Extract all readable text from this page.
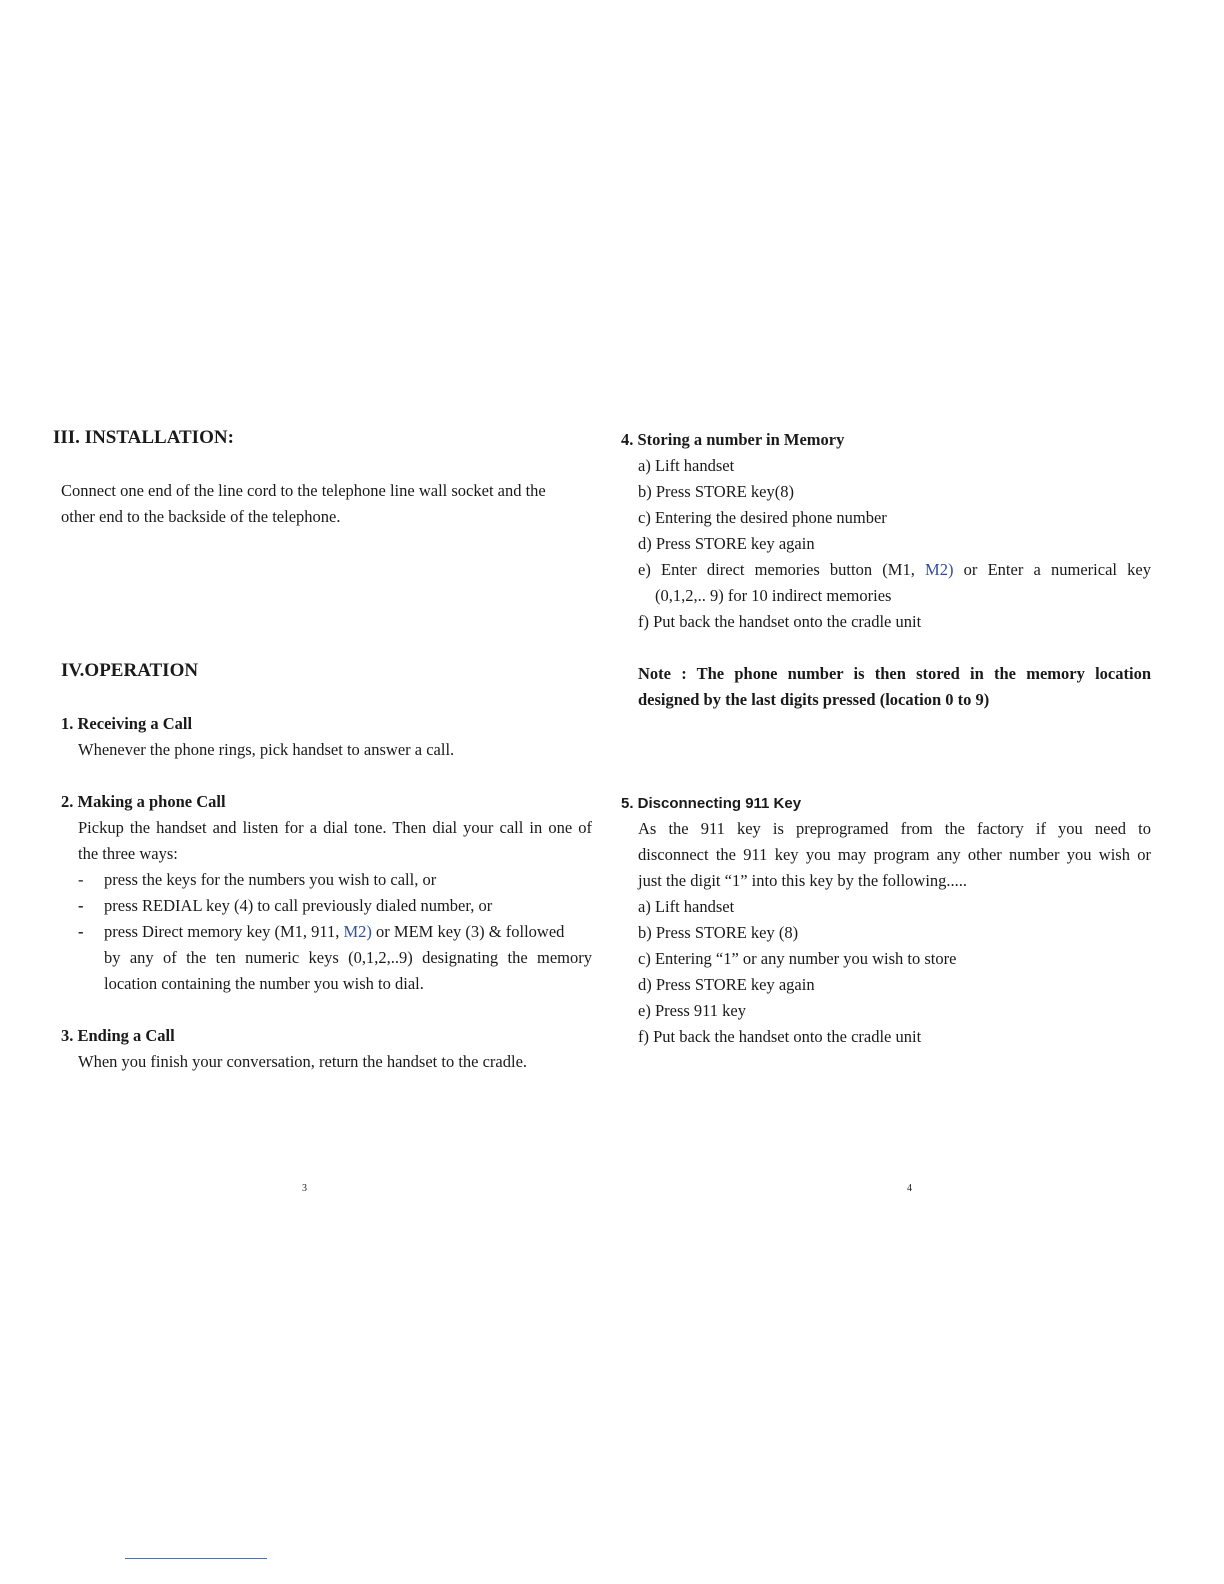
III. INSTALLATION:
Connect one end of the line cord to the telephone line wall socket and the
other end to the backside of the telephone.
IV.OPERATION
1. Receiving a Call
Whenever the phone rings, pick handset to answer a call.
2. Making a phone Call
Pickup the handset and listen for a dial tone. Then dial your call in one of
the three ways:
- press the keys for the numbers you wish to call, or
- press REDIAL key (4) to call previously dialed number, or
- press Direct memory key (M1, 911, M2) or MEM key (3) & followed
by any of the ten numeric keys (0,1,2,..9) designating the memory
location containing the number you wish to dial.
3. Ending a Call
When you finish your conversation, return the handset to the cradle.
3
4. Storing a number in Memory
a) Lift handset
b) Press STORE key(8)
c) Entering the desired phone number
d) Press STORE key again
e) Enter direct memories button (M1, M2) or Enter a numerical key
(0,1,2,.. 9) for 10 indirect memories
f) Put back the handset onto the cradle unit
Note : The phone number is then stored in the memory location
designed by the last digits pressed (location 0 to 9)
5. Disconnecting 911 Key
As the 911 key is preprogramed from the factory if you need to
disconnect the 911 key you may program any other number you wish or
just the digit “1” into this key by the following.....
a) Lift handset
b) Press STORE key (8)
c) Entering “1” or any number you wish to store
d) Press STORE key again
e) Press 911 key
f) Put back the handset onto the cradle unit
4
